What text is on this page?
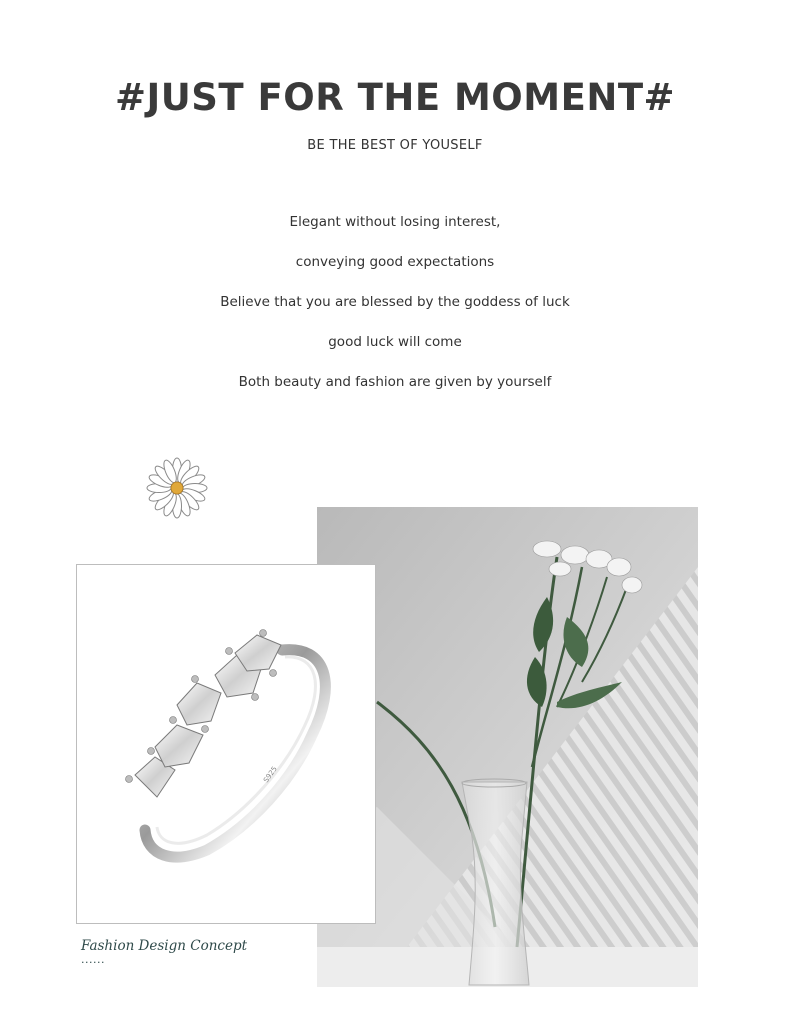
#JUST FOR THE MOMENT#
BE THE BEST OF YOUSELF
Elegant without losing interest,
conveying good expectations
Believe that you are blessed by the goddess of luck
good luck will come
Both beauty and fashion are given by yourself
S925
Fashion Design Concept
······
